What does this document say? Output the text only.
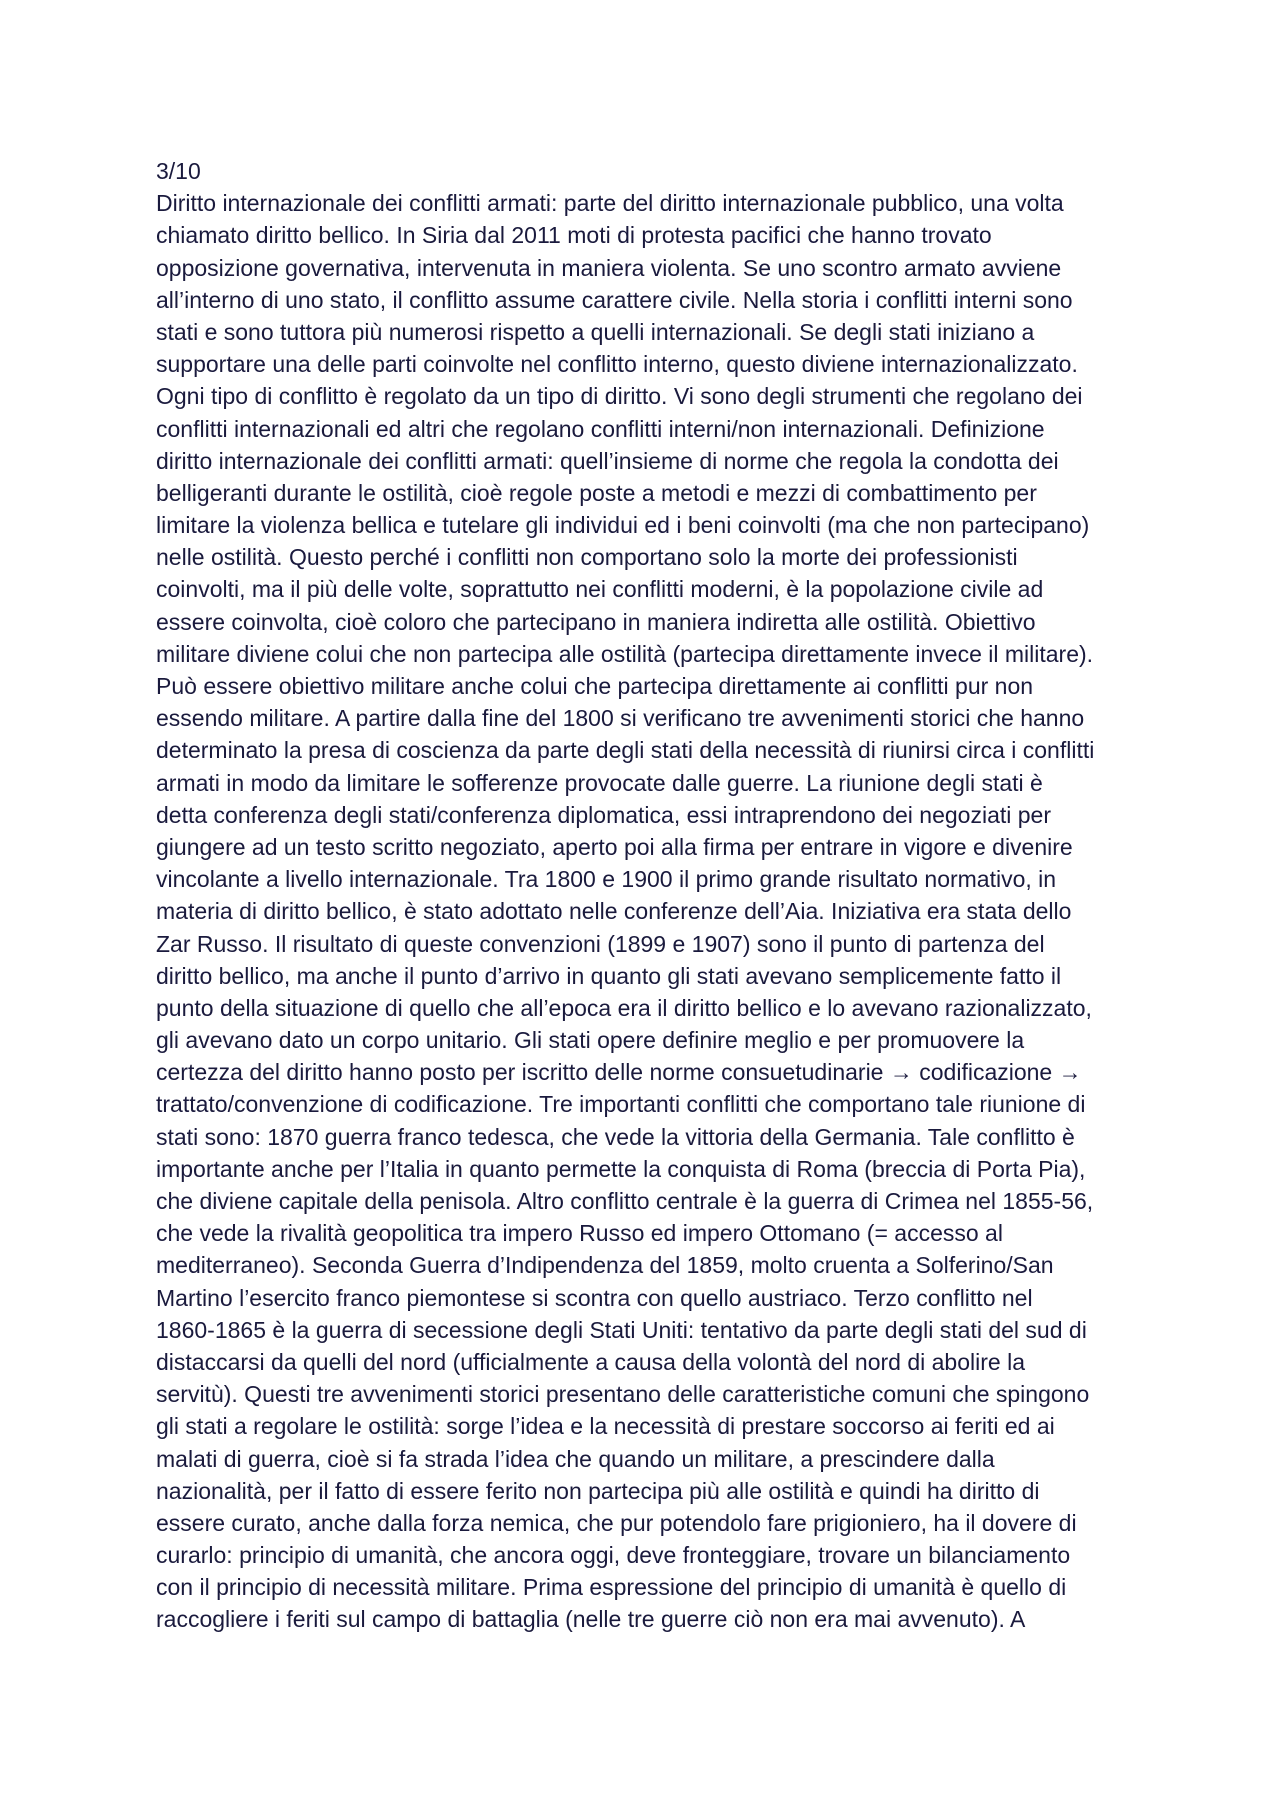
3/10
Diritto internazionale dei conflitti armati: parte del diritto internazionale pubblico, una volta
chiamato diritto bellico. In Siria dal 2011 moti di protesta pacifici che hanno trovato
opposizione governativa, intervenuta in maniera violenta. Se uno scontro armato avviene
all’interno di uno stato, il conflitto assume carattere civile. Nella storia i conflitti interni sono
stati e sono tuttora più numerosi rispetto a quelli internazionali. Se degli stati iniziano a
supportare una delle parti coinvolte nel conflitto interno, questo diviene internazionalizzato.
Ogni tipo di conflitto è regolato da un tipo di diritto. Vi sono degli strumenti che regolano dei
conflitti internazionali ed altri che regolano conflitti interni/non internazionali. Definizione
diritto internazionale dei conflitti armati: quell’insieme di norme che regola la condotta dei
belligeranti durante le ostilità, cioè regole poste a metodi e mezzi di combattimento per
limitare la violenza bellica e tutelare gli individui ed i beni coinvolti (ma che non partecipano)
nelle ostilità. Questo perché i conflitti non comportano solo la morte dei professionisti
coinvolti, ma il più delle volte, soprattutto nei conflitti moderni, è la popolazione civile ad
essere coinvolta, cioè coloro che partecipano in maniera indiretta alle ostilità. Obiettivo
militare diviene colui che non partecipa alle ostilità (partecipa direttamente invece il militare).
Può essere obiettivo militare anche colui che partecipa direttamente ai conflitti pur non
essendo militare. A partire dalla fine del 1800 si verificano tre avvenimenti storici che hanno
determinato la presa di coscienza da parte degli stati della necessità di riunirsi circa i conflitti
armati in modo da limitare le sofferenze provocate dalle guerre. La riunione degli stati è
detta conferenza degli stati/conferenza diplomatica, essi intraprendono dei negoziati per
giungere ad un testo scritto negoziato, aperto poi alla firma per entrare in vigore e divenire
vincolante a livello internazionale. Tra 1800 e 1900 il primo grande risultato normativo, in
materia di diritto bellico, è stato adottato nelle conferenze dell’Aia. Iniziativa era stata dello
Zar Russo. Il risultato di queste convenzioni (1899 e 1907) sono il punto di partenza del
diritto bellico, ma anche il punto d’arrivo in quanto gli stati avevano semplicemente fatto il
punto della situazione di quello che all’epoca era il diritto bellico e lo avevano razionalizzato,
gli avevano dato un corpo unitario. Gli stati opere definire meglio e per promuovere la
certezza del diritto hanno posto per iscritto delle norme consuetudinarie → codificazione →
trattato/convenzione di codificazione. Tre importanti conflitti che comportano tale riunione di
stati sono: 1870 guerra franco tedesca, che vede la vittoria della Germania. Tale conflitto è
importante anche per l’Italia in quanto permette la conquista di Roma (breccia di Porta Pia),
che diviene capitale della penisola. Altro conflitto centrale è la guerra di Crimea nel 1855-56,
che vede la rivalità geopolitica tra impero Russo ed impero Ottomano (= accesso al
mediterraneo). Seconda Guerra d’Indipendenza del 1859, molto cruenta a Solferino/San
Martino l’esercito franco piemontese si scontra con quello austriaco. Terzo conflitto nel
1860-1865 è la guerra di secessione degli Stati Uniti: tentativo da parte degli stati del sud di
distaccarsi da quelli del nord (ufficialmente a causa della volontà del nord di abolire la
servitù). Questi tre avvenimenti storici presentano delle caratteristiche comuni che spingono
gli stati a regolare le ostilità: sorge l’idea e la necessità di prestare soccorso ai feriti ed ai
malati di guerra, cioè si fa strada l’idea che quando un militare, a prescindere dalla
nazionalità, per il fatto di essere ferito non partecipa più alle ostilità e quindi ha diritto di
essere curato, anche dalla forza nemica, che pur potendolo fare prigioniero, ha il dovere di
curarlo: principio di umanità, che ancora oggi, deve fronteggiare, trovare un bilanciamento
con il principio di necessità militare. Prima espressione del principio di umanità è quello di
raccogliere i feriti sul campo di battaglia (nelle tre guerre ciò non era mai avvenuto). A
